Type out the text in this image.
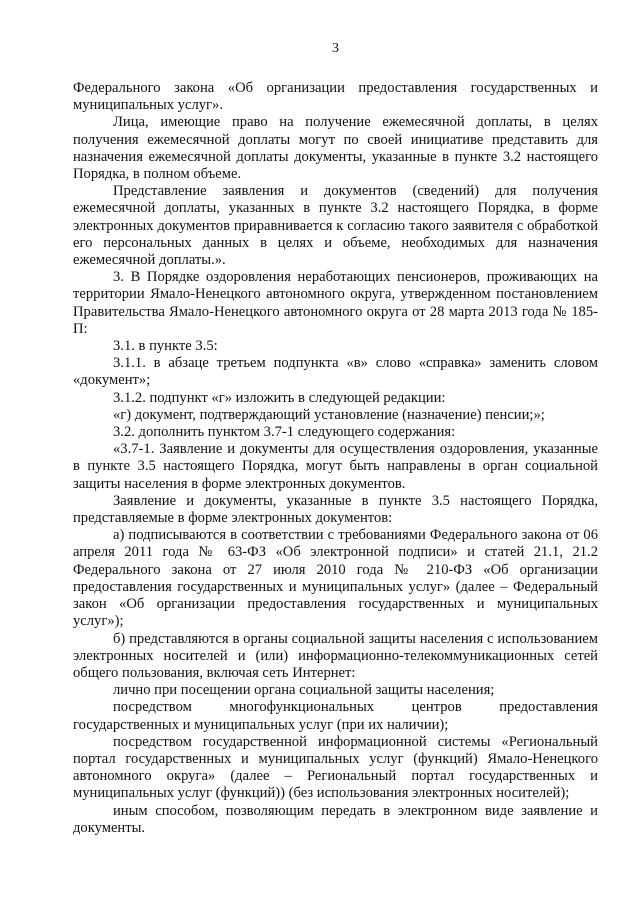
3

Федерального закона «Об организации предоставления государственных и муниципальных услуг».

Лица, имеющие право на получение ежемесячной доплаты, в целях получения ежемесячной доплаты могут по своей инициативе представить для назначения ежемесячной доплаты документы, указанные в пункте 3.2 настоящего Порядка, в полном объеме.

Представление заявления и документов (сведений) для получения ежемесячной доплаты, указанных в пункте 3.2 настоящего Порядка, в форме электронных документов приравнивается к согласию такого заявителя с обработкой его персональных данных в целях и объеме, необходимых для назначения ежемесячной доплаты.».

3. В Порядке оздоровления неработающих пенсионеров, проживающих на территории Ямало-Ненецкого автономного округа, утвержденном постановлением Правительства Ямало-Ненецкого автономного округа от 28 марта 2013 года № 185-П:

3.1. в пункте 3.5:

3.1.1. в абзаце третьем подпункта «в» слово «справка» заменить словом «документ»;

3.1.2. подпункт «г» изложить в следующей редакции:

«г) документ, подтверждающий установление (назначение) пенсии;»;

3.2. дополнить пунктом 3.7-1 следующего содержания:

«3.7-1. Заявление и документы для осуществления оздоровления, указанные в пункте 3.5 настоящего Порядка, могут быть направлены в орган социальной защиты населения в форме электронных документов.

Заявление и документы, указанные в пункте 3.5 настоящего Порядка, представляемые в форме электронных документов:

а) подписываются в соответствии с требованиями Федерального закона от 06 апреля 2011 года № 63-ФЗ «Об электронной подписи» и статей 21.1, 21.2 Федерального закона от 27 июля 2010 года № 210-ФЗ «Об организации предоставления государственных и муниципальных услуг» (далее – Федеральный закон «Об организации предоставления государственных и муниципальных услуг»);

б) представляются в органы социальной защиты населения с использованием электронных носителей и (или) информационно-телекоммуникационных сетей общего пользования, включая сеть Интернет:

лично при посещении органа социальной защиты населения;

посредством многофункциональных центров предоставления государственных и муниципальных услуг (при их наличии);

посредством государственной информационной системы «Региональный портал государственных и муниципальных услуг (функций) Ямало-Ненецкого автономного округа» (далее – Региональный портал государственных и муниципальных услуг (функций)) (без использования электронных носителей);

иным способом, позволяющим передать в электронном виде заявление и документы.
